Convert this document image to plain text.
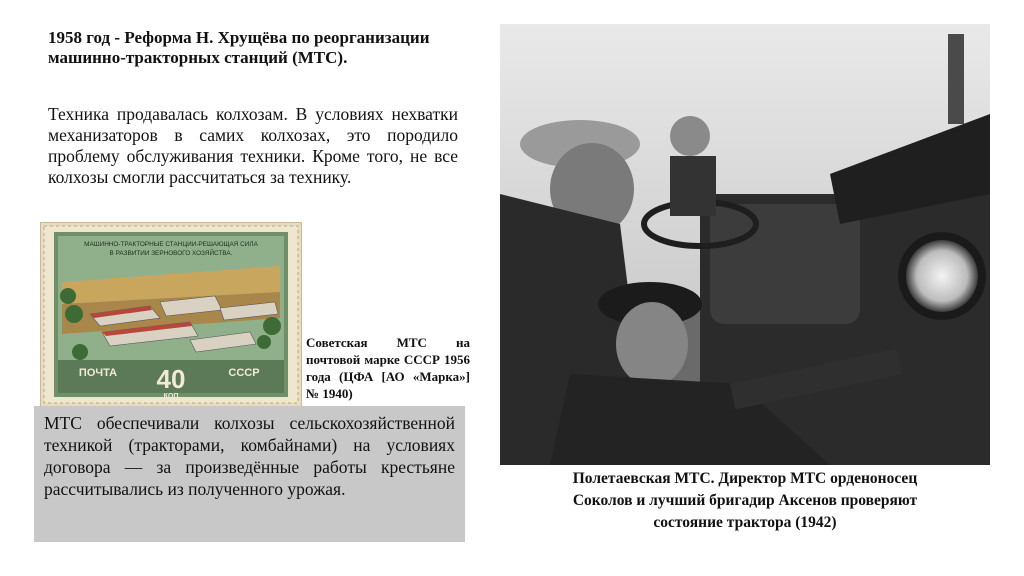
1958 год - Реформа Н. Хрущёва по реорганизации
машинно-тракторных станций (МТС).

Техника продавалась колхозам. В условиях нехватки механизаторов в самих колхозах, это породило проблему обслуживания техники. Кроме того, не все колхозы смогли рассчитаться за технику.

МАШИННО-ТРАКТОРНЫЕ СТАНЦИИ-РЕШАЮЩАЯ СИЛА
В РАЗВИТИИ ЗЕРНОВОГО ХОЗЯЙСТВА.
ПОЧТА 40	СССР
КОП

Советская МТС на почтовой марке СССР 1956 года (ЦФА [АО «Марка»] № 1940)

МТС обеспечивали колхозы сельскохозяйственной техникой (тракторами, комбайнами) на условиях договора — за произведённые работы крестьяне рассчитывались из полученного урожая.

Полетаевская МТС. Директор МТС орденоносец
Соколов и лучший бригадир Аксенов проверяют
состояние трактора (1942)
